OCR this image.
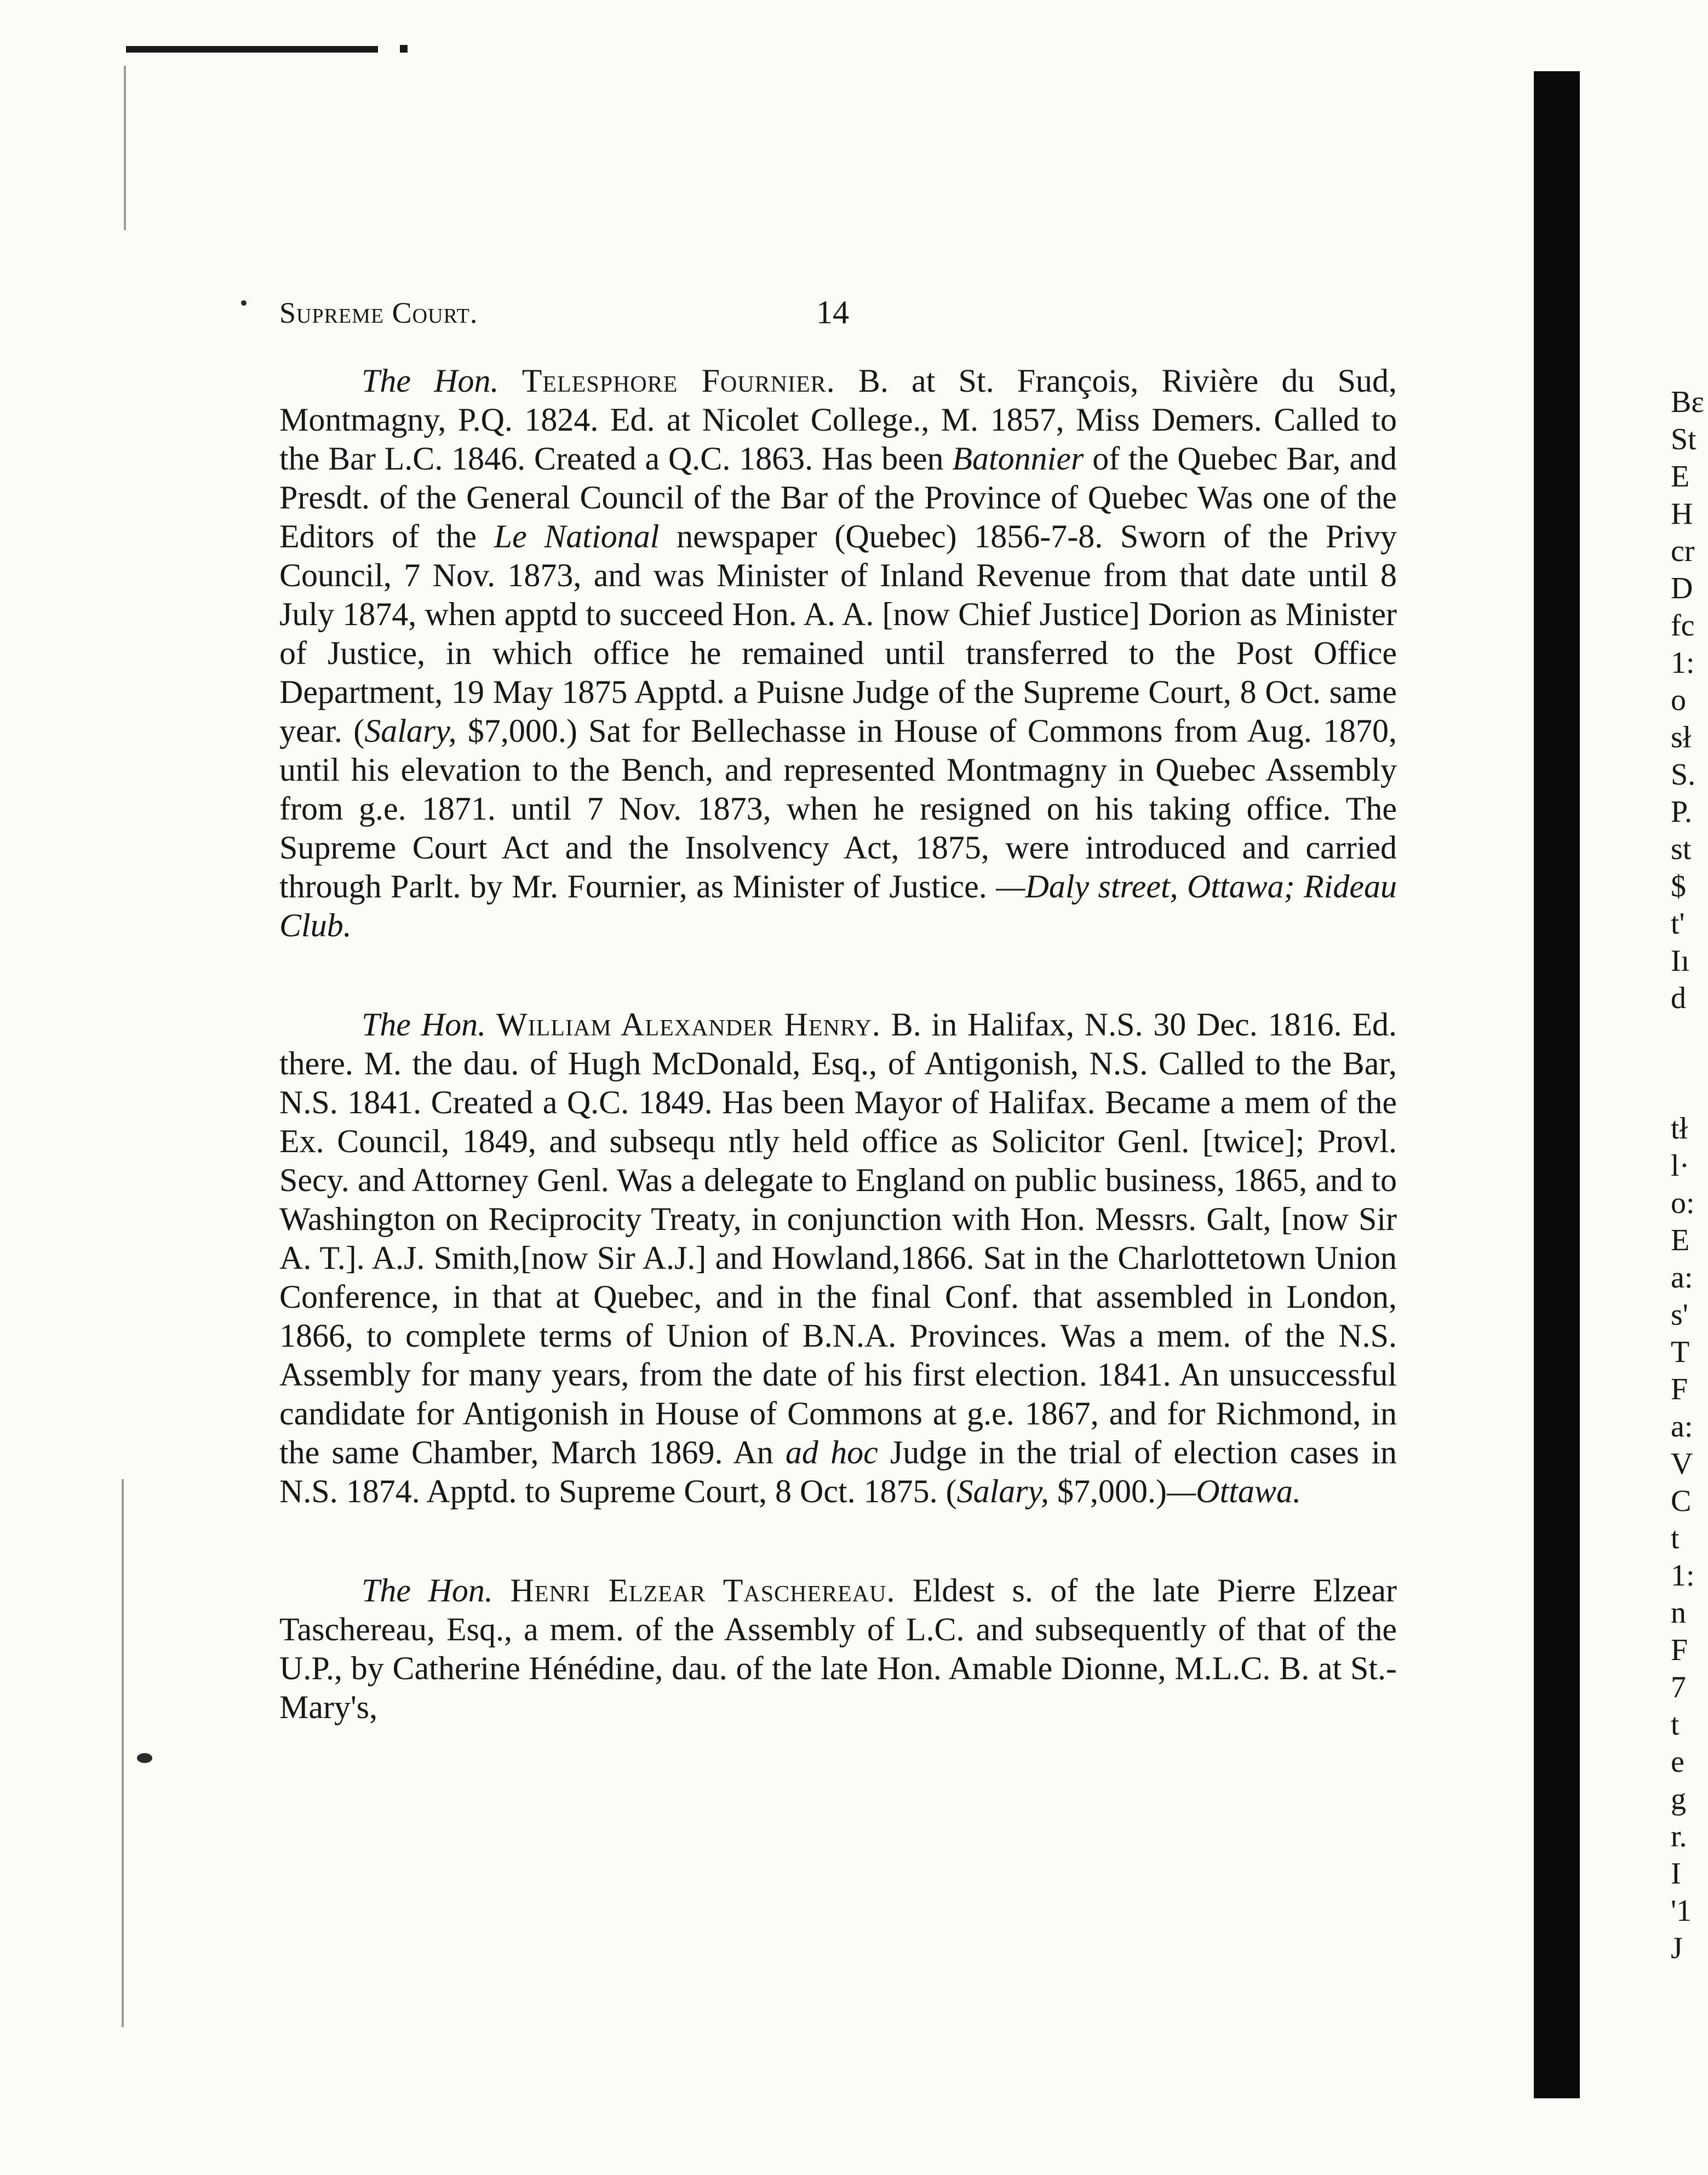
Supreme Court.	14

The Hon. Telesphore Fournier. B. at St. François, Rivière du Sud, Montmagny, P.Q. 1824. Ed. at Nicolet College., M. 1857, Miss Demers. Called to the Bar L.C. 1846. Created a Q.C. 1863. Has been Batonnier of the Quebec Bar, and Presdt. of the General Council of the Bar of the Province of Quebec Was one of the Editors of the Le National newspaper (Quebec) 1856-7-8. Sworn of the Privy Council, 7 Nov. 1873, and was Minister of Inland Revenue from that date until 8 July 1874, when apptd to succeed Hon. A. A. [now Chief Justice] Dorion as Minister of Justice, in which office he remained until transferred to the Post Office Department, 19 May 1875 Apptd. a Puisne Judge of the Supreme Court, 8 Oct. same year. (Salary, $7,000.) Sat for Bellechasse in House of Commons from Aug. 1870, until his elevation to the Bench, and represented Montmagny in Quebec Assembly from g.e. 1871. until 7 Nov. 1873, when he resigned on his taking office. The Supreme Court Act and the Insolvency Act, 1875, were introduced and carried through Parlt. by Mr. Fournier, as Minister of Justice. —Daly street, Ottawa; Rideau Club.

The Hon. William Alexander Henry. B. in Halifax, N.S. 30 Dec. 1816. Ed. there. M. the dau. of Hugh McDonald, Esq., of Antigonish, N.S. Called to the Bar, N.S. 1841. Created a Q.C. 1849. Has been Mayor of Halifax. Became a mem of the Ex. Council, 1849, and subsequ ntly held office as Solicitor Genl. [twice]; Provl. Secy. and Attorney Genl. Was a delegate to England on public business, 1865, and to Washington on Reciprocity Treaty, in conjunction with Hon. Messrs. Galt, [now Sir A. T.]. A.J. Smith,[now Sir A.J.] and Howland,1866. Sat in the Charlottetown Union Conference, in that at Quebec, and in the final Conf. that assembled in London, 1866, to complete terms of Union of B.N.A. Provinces. Was a mem. of the N.S. Assembly for many years, from the date of his first election. 1841. An unsuccessful candidate for Antigonish in House of Commons at g.e. 1867, and for Richmond, in the same Chamber, March 1869. An ad hoc Judge in the trial of election cases in N.S. 1874. Apptd. to Supreme Court, 8 Oct. 1875. (Salary, $7,000.)—Ottawa.

The Hon. Henri Elzear Taschereau. Eldest s. of the late Pierre Elzear Taschereau, Esq., a mem. of the Assembly of L.C. and subsequently of that of the U.P., by Catherine Hénédine, dau. of the late Hon. Amable Dionne, M.L.C. B. at St.-Mary's,

Bε
St
E
H
cr
D
fc
1:
o
sł
S.
P.
st
$
t'
Iı
d
tł
l·
o:
E
a:
s'
T
F
a:
V
C
t
1:
n
F
7
t
e
g
r.
I
'1
J
